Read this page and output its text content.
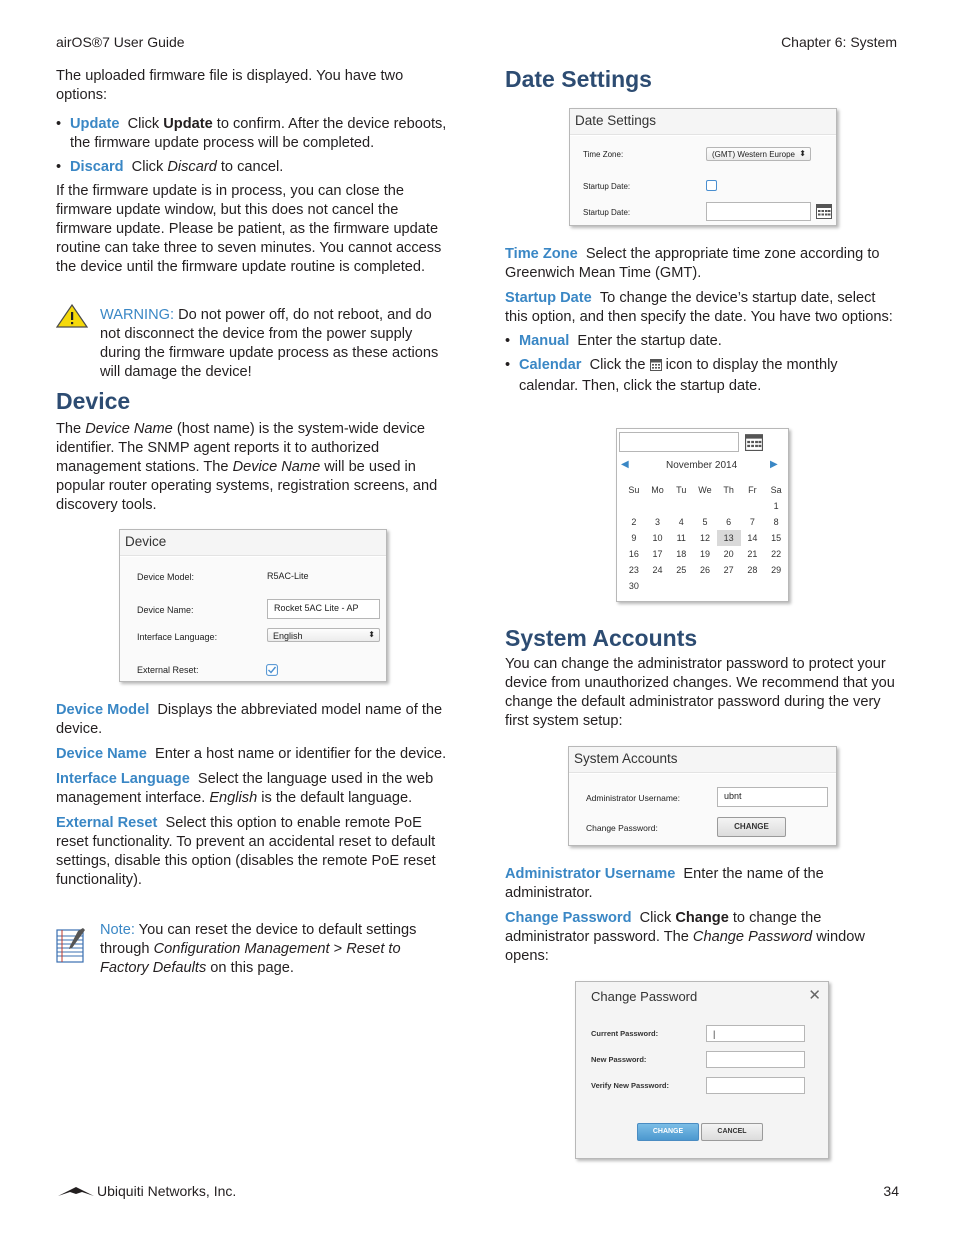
airOS®7 User Guide	Chapter 6: System

The uploaded firmware file is displayed. You have two options:

• Update Click Update to confirm. After the device reboots, the firmware update process will be completed.
• Discard Click Discard to cancel.

If the firmware update is in process, you can close the firmware update window, but this does not cancel the firmware update. Please be patient, as the firmware update routine can take three to seven minutes. You cannot access the device until the firmware update routine is completed.

WARNING: Do not power off, do not reboot, and do not disconnect the device from the power supply during the firmware update process as these actions will damage the device!
Device

The Device Name (host name) is the system-wide device identifier. The SNMP agent reports it to authorized management stations. The Device Name will be used in popular router operating systems, registration screens, and discovery tools.

Device
Device Model:	R5AC-Lite
Device Name:	Rocket 5AC Lite - AP
Interface Language:	English	⬍
External Reset:

Device Model Displays the abbreviated model name of the device.

Device Name Enter a host name or identifier for the device.

Interface Language Select the language used in the web management interface. English is the default language.

External Reset Select this option to enable remote PoE reset functionality. To prevent an accidental reset to default settings, disable this option (disables the remote PoE reset functionality).

Note: You can reset the device to default settings through Configuration Management > Reset to Factory Defaults on this page.

Date Settings
Date Settings
Time Zone:	(GMT) Western Europe ⬍
Startup Date:
Startup Date:

Time Zone Select the appropriate time zone according to Greenwich Mean Time (GMT).

Startup Date To change the device’s startup date, select this option, and then specify the date. You have two options:

• Manual Enter the startup date.
• Calendar Click the  icon to display the monthly calendar. Then, click the startup date.
◀	November 2014	▶
Su	Mo	Tu	We	Th	Fr	Sa
						1
2	3	4	5	6	7	8
9	10	11	12	13	14	15
16	17	18	19	20	21	22
23	24	25	26	27	28	29
30						
System Accounts

You can change the administrator password to protect your device from unauthorized changes. We recommend that you change the default administrator password during the very first system setup:

System Accounts
Administrator Username:	ubnt
Change Password:	CHANGE

Administrator Username Enter the name of the administrator.

Change Password Click Change to change the administrator password. The Change Password window opens:

Change Password	✕
Current Password:	|
New Password:
Verify New Password:
CHANGE	CANCEL
Ubiquiti Networks, Inc.	34
